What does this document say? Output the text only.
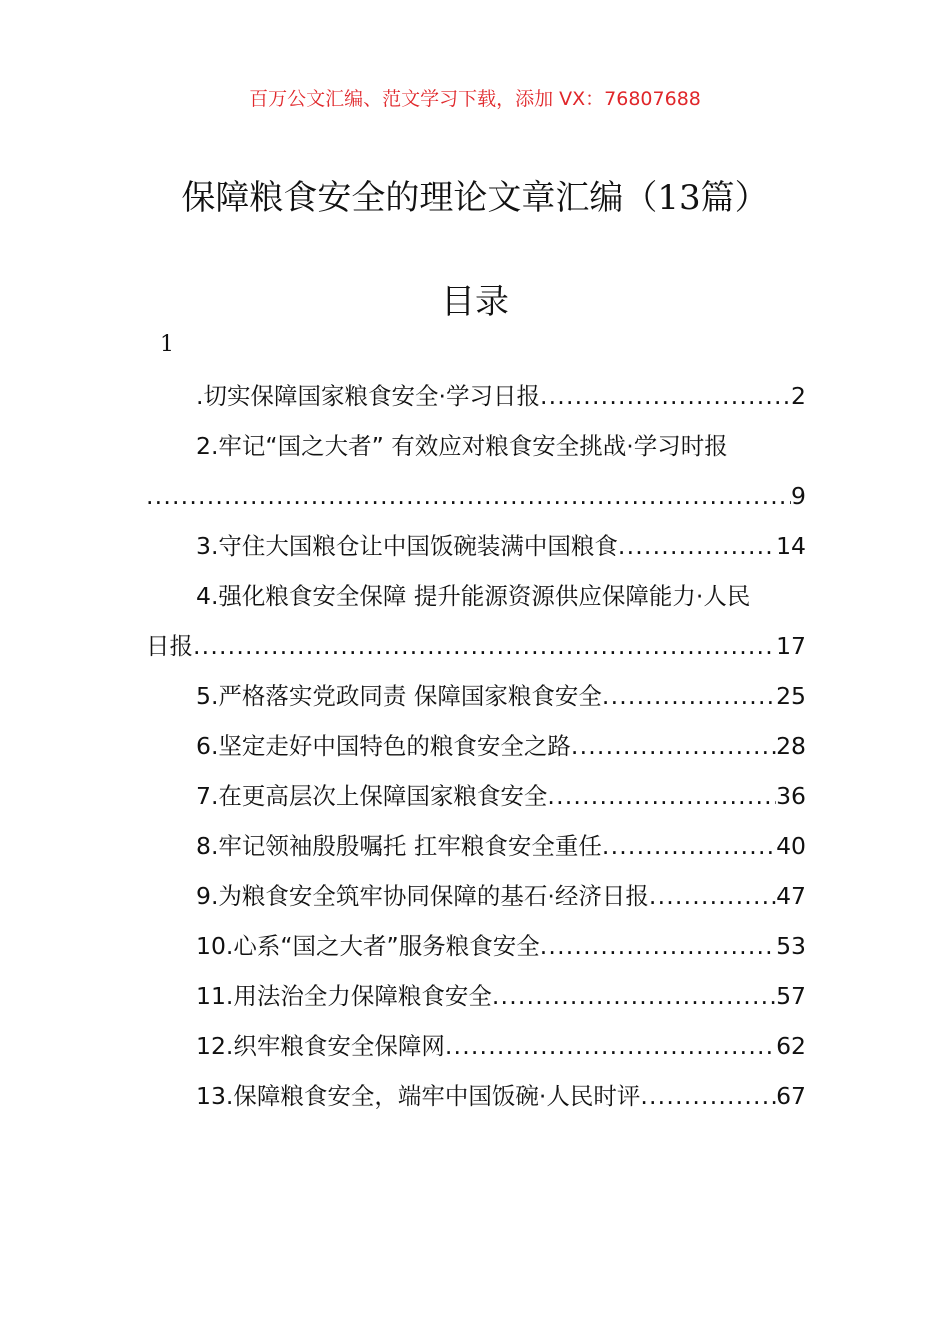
百万公文汇编、范文学习下载，添加 VX：76807688
保障粮食安全的理论文章汇编（13篇）
目录
1
.切实保障国家粮食安全·学习日报 .....	2
2.牢记“国之大者” 有效应对粮食安全挑战·学习时报
.....
9
3.守住大国粮仓让中国饭碗装满中国粮食 .....	14
4.强化粮食安全保障 提升能源资源供应保障能力·人民
日报 .....	17
5.严格落实党政同责 保障国家粮食安全 .....	25
6.坚定走好中国特色的粮食安全之路 .....	28
7.在更高层次上保障国家粮食安全 .....	36
8.牢记领袖殷殷嘱托 扛牢粮食安全重任 .....	40
9.为粮食安全筑牢协同保障的基石·经济日报 .....	47
10.心系“国之大者”服务粮食安全 .....	53
11.用法治全力保障粮食安全 .....	57
12.织牢粮食安全保障网 .....	62
13.保障粮食安全，端牢中国饭碗·人民时评 .....	67
